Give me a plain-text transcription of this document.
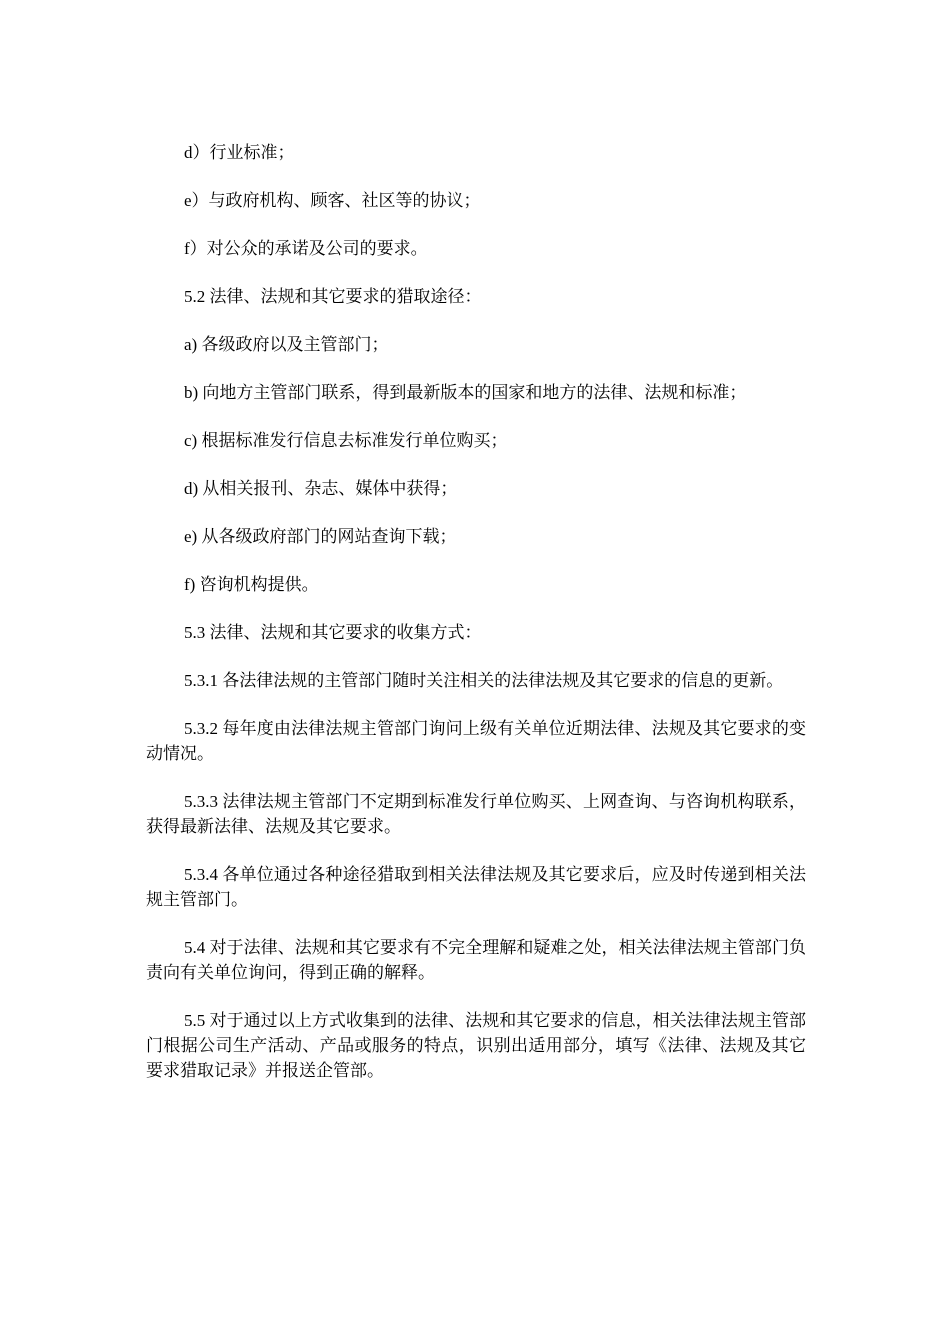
d）行业标准；

e）与政府机构、顾客、社区等的协议；

f）对公众的承诺及公司的要求。

5.2 法律、法规和其它要求的猎取途径：

a) 各级政府以及主管部门；

b) 向地方主管部门联系，得到最新版本的国家和地方的法律、法规和标准；

c) 根据标准发行信息去标准发行单位购买；

d) 从相关报刊、杂志、媒体中获得；

e) 从各级政府部门的网站查询下载；

f) 咨询机构提供。

5.3 法律、法规和其它要求的收集方式：

5.3.1 各法律法规的主管部门随时关注相关的法律法规及其它要求的信息的更新。

5.3.2 每年度由法律法规主管部门询问上级有关单位近期法律、法规及其它要求的变动情况。

5.3.3 法律法规主管部门不定期到标准发行单位购买、上网查询、与咨询机构联系，获得最新法律、法规及其它要求。

5.3.4 各单位通过各种途径猎取到相关法律法规及其它要求后，应及时传递到相关法规主管部门。

5.4 对于法律、法规和其它要求有不完全理解和疑难之处，相关法律法规主管部门负责向有关单位询问，得到正确的解释。

5.5 对于通过以上方式收集到的法律、法规和其它要求的信息，相关法律法规主管部门根据公司生产活动、产品或服务的特点，识别出适用部分，填写《法律、法规及其它要求猎取记录》并报送企管部。
